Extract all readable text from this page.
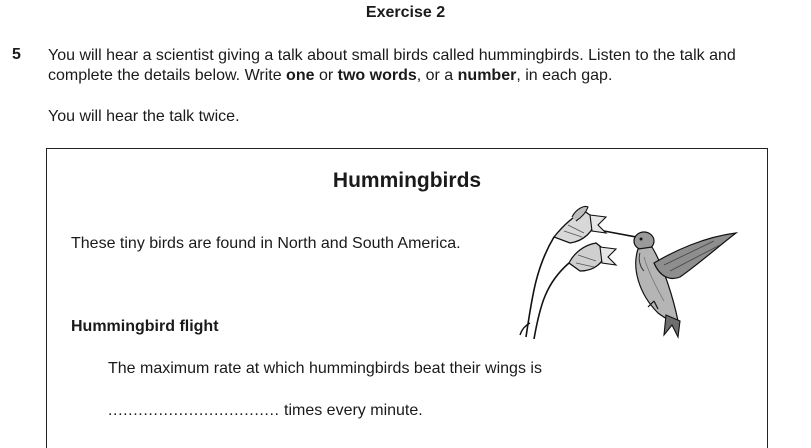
Exercise 2
5 You will hear a scientist giving a talk about small birds called hummingbirds. Listen to the talk and

complete the details below. Write one or two words, or a number, in each gap.

You will hear the talk twice.
Hummingbirds
These tiny birds are found in North and South America.
Hummingbird flight
The maximum rate at which hummingbirds beat their wings is
.................................. times every minute.
